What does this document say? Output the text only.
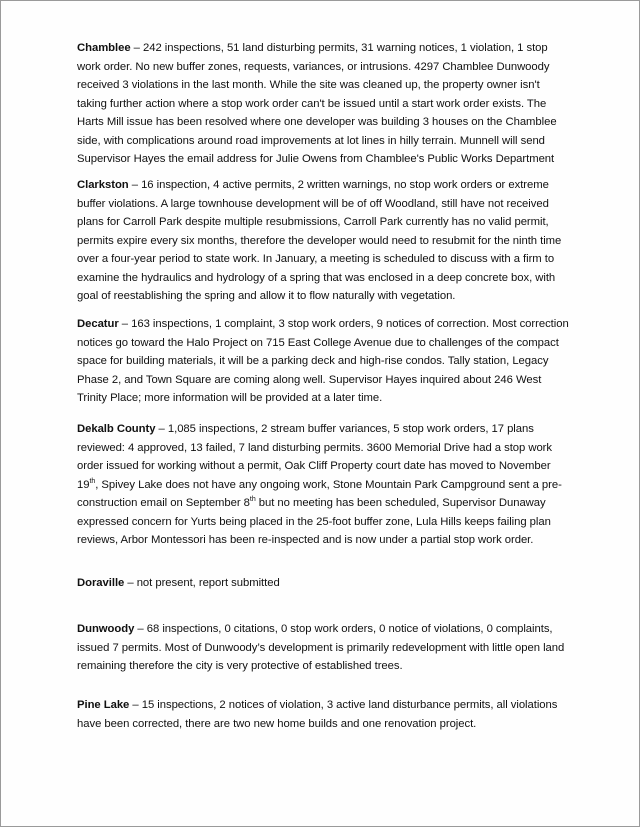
Chamblee – 242 inspections, 51 land disturbing permits, 31 warning notices, 1 violation, 1 stop work order. No new buffer zones, requests, variances, or intrusions. 4297 Chamblee Dunwoody received 3 violations in the last month. While the site was cleaned up, the property owner isn't taking further action where a stop work order can't be issued until a start work order exists. The Harts Mill issue has been resolved where one developer was building 3 houses on the Chamblee side, with complications around road improvements at lot lines in hilly terrain. Munnell will send Supervisor Hayes the email address for Julie Owens from Chamblee's Public Works Department

Clarkston – 16 inspection, 4 active permits, 2 written warnings, no stop work orders or extreme buffer violations. A large townhouse development will be of off Woodland, still have not received plans for Carroll Park despite multiple resubmissions, Carroll Park currently has no valid permit, permits expire every six months, therefore the developer would need to resubmit for the ninth time over a four-year period to state work. In January, a meeting is scheduled to discuss with a firm to examine the hydraulics and hydrology of a spring that was enclosed in a deep concrete box, with goal of reestablishing the spring and allow it to flow naturally with vegetation.

Decatur – 163 inspections, 1 complaint, 3 stop work orders, 9 notices of correction. Most correction notices go toward the Halo Project on 715 East College Avenue due to challenges of the compact space for building materials, it will be a parking deck and high-rise condos. Tally station, Legacy Phase 2, and Town Square are coming along well. Supervisor Hayes inquired about 246 West Trinity Place; more information will be provided at a later time.

Dekalb County – 1,085 inspections, 2 stream buffer variances, 5 stop work orders, 17 plans reviewed: 4 approved, 13 failed, 7 land disturbing permits. 3600 Memorial Drive had a stop work order issued for working without a permit, Oak Cliff Property court date has moved to November 19th, Spivey Lake does not have any ongoing work, Stone Mountain Park Campground sent a pre-construction email on September 8th but no meeting has been scheduled, Supervisor Dunaway expressed concern for Yurts being placed in the 25-foot buffer zone, Lula Hills keeps failing plan reviews, Arbor Montessori has been re-inspected and is now under a partial stop work order.

Doraville – not present, report submitted

Dunwoody – 68 inspections, 0 citations, 0 stop work orders, 0 notice of violations, 0 complaints, issued 7 permits. Most of Dunwoody’s development is primarily redevelopment with little open land remaining therefore the city is very protective of established trees.

Pine Lake – 15 inspections, 2 notices of violation, 3 active land disturbance permits, all violations have been corrected, there are two new home builds and one renovation project.
